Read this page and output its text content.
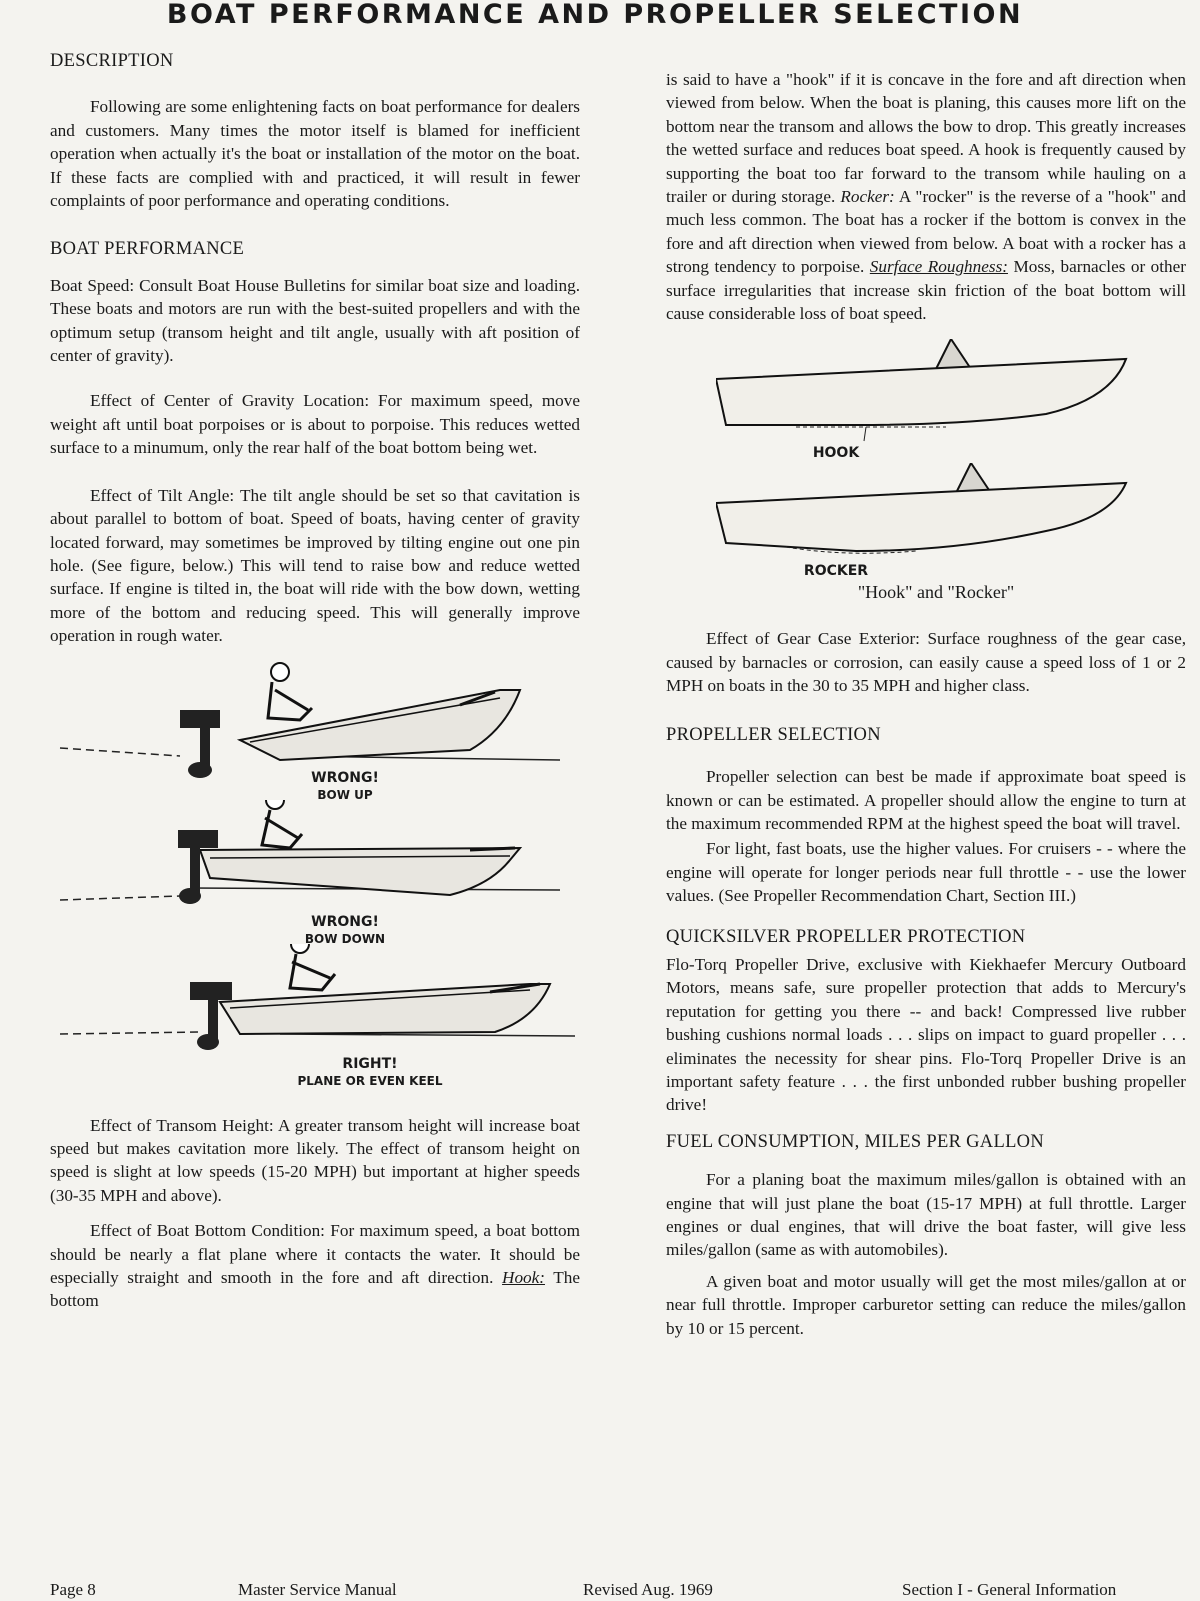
BOAT PERFORMANCE AND PROPELLER SELECTION
DESCRIPTION

Following are some enlightening facts on boat performance for dealers and customers. Many times the motor itself is blamed for inefficient operation when actually it's the boat or installation of the motor on the boat. If these facts are complied with and practiced, it will result in fewer complaints of poor performance and operating conditions.

BOAT PERFORMANCE

Boat Speed: Consult Boat House Bulletins for similar boat size and loading. These boats and motors are run with the best-suited propellers and with the optimum setup (transom height and tilt angle, usually with aft position of center of gravity).

Effect of Center of Gravity Location: For maximum speed, move weight aft until boat porpoises or is about to porpoise. This reduces wetted surface to a minumum, only the rear half of the boat bottom being wet.

Effect of Tilt Angle: The tilt angle should be set so that cavitation is about parallel to bottom of boat. Speed of boats, having center of gravity located forward, may sometimes be improved by tilting engine out one pin hole. (See figure, below.) This will tend to raise bow and reduce wetted surface. If engine is tilted in, the boat will ride with the bow down, wetting more of the bottom and reducing speed. This will generally improve operation in rough water.

WRONG!
BOW UP
WRONG!
BOW DOWN
RIGHT!
PLANE OR EVEN KEEL

Effect of Transom Height: A greater transom height will increase boat speed but makes cavitation more likely. The effect of transom height on speed is slight at low speeds (15-20 MPH) but important at higher speeds (30-35 MPH and above).

Effect of Boat Bottom Condition: For maximum speed, a boat bottom should be nearly a flat plane where it contacts the water. It should be especially straight and smooth in the fore and aft direction. Hook: The bottom

is said to have a "hook" if it is concave in the fore and aft direction when viewed from below. When the boat is planing, this causes more lift on the bottom near the transom and allows the bow to drop. This greatly increases the wetted surface and reduces boat speed. A hook is frequently caused by supporting the boat too far forward to the transom while hauling on a trailer or during storage. Rocker: A "rocker" is the reverse of a "hook" and much less common. The boat has a rocker if the bottom is convex in the fore and aft direction when viewed from below. A boat with a rocker has a strong tendency to porpoise. Surface Roughness: Moss, barnacles or other surface irregularities that increase skin friction of the boat bottom will cause considerable loss of boat speed.

HOOK
ROCKER
"Hook" and "Rocker"

Effect of Gear Case Exterior: Surface roughness of the gear case, caused by barnacles or corrosion, can easily cause a speed loss of 1 or 2 MPH on boats in the 30 to 35 MPH and higher class.

PROPELLER SELECTION

Propeller selection can best be made if approximate boat speed is known or can be estimated. A propeller should allow the engine to turn at the maximum recommended RPM at the highest speed the boat will travel.

For light, fast boats, use the higher values. For cruisers - - where the engine will operate for longer periods near full throttle - - use the lower values. (See Propeller Recommendation Chart, Section III.)

QUICKSILVER PROPELLER PROTECTION

Flo-Torq Propeller Drive, exclusive with Kiekhaefer Mercury Outboard Motors, means safe, sure propeller protection that adds to Mercury's reputation for getting you there -- and back! Compressed live rubber bushing cushions normal loads . . . slips on impact to guard propeller . . . eliminates the necessity for shear pins. Flo-Torq Propeller Drive is an important safety feature . . . the first unbonded rubber bushing propeller drive!

FUEL CONSUMPTION, MILES PER GALLON

For a planing boat the maximum miles/gallon is obtained with an engine that will just plane the boat (15-17 MPH) at full throttle. Larger engines or dual engines, that will drive the boat faster, will give less miles/gallon (same as with automobiles).

A given boat and motor usually will get the most miles/gallon at or near full throttle. Improper carburetor setting can reduce the miles/gallon by 10 or 15 percent.

Page 8	Master Service Manual	Revised Aug. 1969	Section I - General Information
